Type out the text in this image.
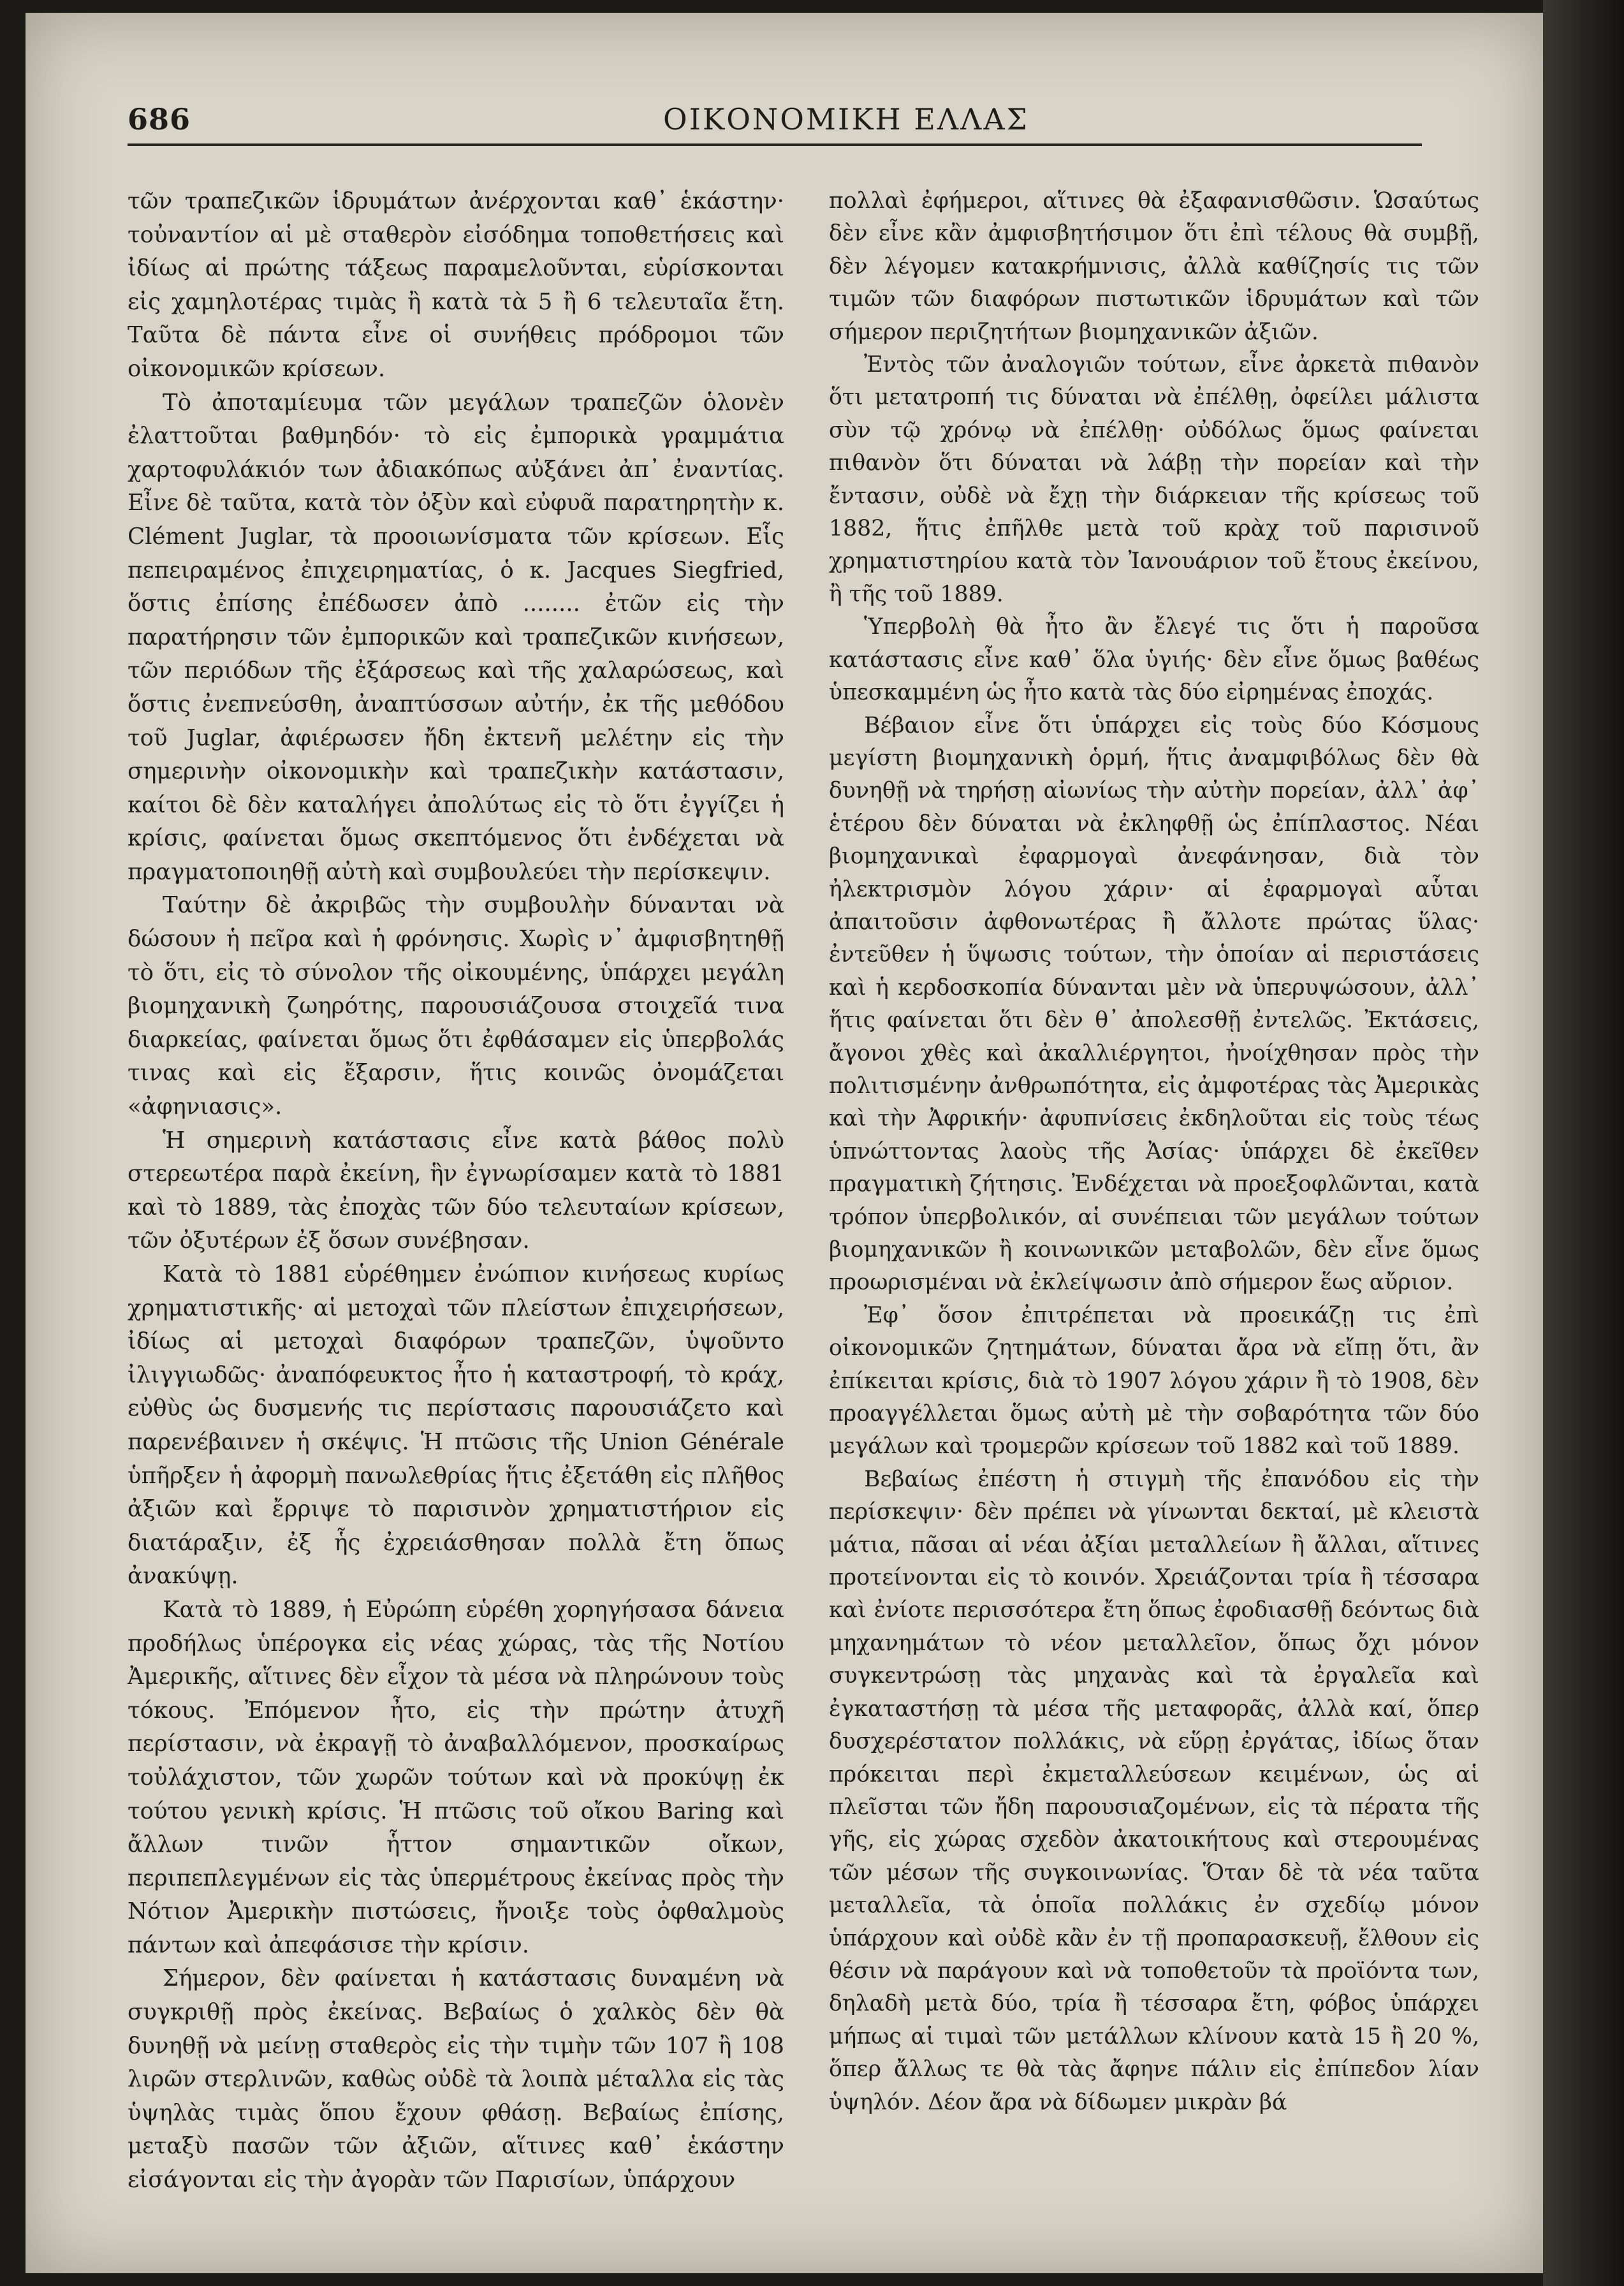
686	ΟΙΚΟΝΟΜΙΚΗ ΕΛΛΑΣ

τῶν τραπεζικῶν ἱδρυμάτων ἀνέρχονται καθ᾿ ἑκάστην· τοὐναντίον αἱ μὲ σταθερὸν εἰσόδημα τοποθετήσεις καὶ ἰδίως αἱ πρώτης τάξεως παραμελοῦνται, εὑρίσκονται εἰς χαμηλοτέρας τιμὰς ἢ κατὰ τὰ 5 ἢ 6 τελευταῖα ἔτη. Ταῦτα δὲ πάντα εἶνε οἱ συνήθεις πρόδρομοι τῶν οἰκονομικῶν κρίσεων.

Τὸ ἀποταμίευμα τῶν μεγάλων τραπεζῶν ὁλονὲν ἐλαττοῦται βαθμηδόν· τὸ εἰς ἐμπορικὰ γραμμάτια χαρτοφυλάκιόν των ἀδιακόπως αὐξάνει ἀπ᾿ ἐναντίας. Εἶνε δὲ ταῦτα, κατὰ τὸν ὀξὺν καὶ εὐφυᾶ παρατηρητὴν κ. Clément Juglar, τὰ προοιωνίσματα τῶν κρίσεων. Εἷς πεπειραμένος ἐπιχειρηματίας, ὁ κ. Jacques Siegfried, ὅστις ἐπίσης ἐπέδωσεν ἀπὸ ........ ἐτῶν εἰς τὴν παρατήρησιν τῶν ἐμπορικῶν καὶ τραπεζικῶν κινήσεων, τῶν περιόδων τῆς ἐξάρσεως καὶ τῆς χαλαρώσεως, καὶ ὅστις ἐνεπνεύσθη, ἀναπτύσσων αὐτήν, ἐκ τῆς μεθόδου τοῦ Juglar, ἀφιέρωσεν ἤδη ἐκτενῆ μελέτην εἰς τὴν σημερινὴν οἰκονομικὴν καὶ τραπεζικὴν κατάστασιν, καίτοι δὲ δὲν καταλήγει ἀπολύτως εἰς τὸ ὅτι ἐγγίζει ἡ κρίσις, φαίνεται ὅμως σκεπτόμενος ὅτι ἐνδέχεται νὰ πραγματοποιηθῇ αὐτὴ καὶ συμβουλεύει τὴν περίσκεψιν.

Ταύτην δὲ ἀκριβῶς τὴν συμβουλὴν δύνανται νὰ δώσουν ἡ πεῖρα καὶ ἡ φρόνησις. Χωρὶς ν᾿ ἀμφισβητηθῇ τὸ ὅτι, εἰς τὸ σύνολον τῆς οἰκουμένης, ὑπάρχει μεγάλη βιομηχανικὴ ζωηρότης, παρουσιάζουσα στοιχεῖά τινα διαρκείας, φαίνεται ὅμως ὅτι ἐφθάσαμεν εἰς ὑπερβολάς τινας καὶ εἰς ἔξαρσιν, ἥτις κοινῶς ὀνομάζεται «ἀφηνιασις».

Ἡ σημερινὴ κατάστασις εἶνε κατὰ βάθος πολὺ στερεωτέρα παρὰ ἐκείνη, ἣν ἐγνωρίσαμεν κατὰ τὸ 1881 καὶ τὸ 1889, τὰς ἐποχὰς τῶν δύο τελευταίων κρίσεων, τῶν ὀξυτέρων ἐξ ὅσων συνέβησαν.

Κατὰ τὸ 1881 εὑρέθημεν ἐνώπιον κινήσεως κυρίως χρηματιστικῆς· αἱ μετοχαὶ τῶν πλείστων ἐπιχειρήσεων, ἰδίως αἱ μετοχαὶ διαφόρων τραπεζῶν, ὑψοῦντο ἰλιγγιωδῶς· ἀναπόφευκτος ἦτο ἡ καταστροφή, τὸ κράχ, εὐθὺς ὡς δυσμενής τις περίστασις παρουσιάζετο καὶ παρενέβαινεν ἡ σκέψις. Ἡ πτῶσις τῆς Union Générale ὑπῆρξεν ἡ ἀφορμὴ πανωλεθρίας ἥτις ἐξετάθη εἰς πλῆθος ἀξιῶν καὶ ἔρριψε τὸ παρισινὸν χρηματιστήριον εἰς διατάραξιν, ἐξ ἧς ἐχρειάσθησαν πολλὰ ἔτη ὅπως ἀνακύψῃ.

Κατὰ τὸ 1889, ἡ Εὐρώπη εὑρέθη χορηγήσασα δάνεια προδήλως ὑπέρογκα εἰς νέας χώρας, τὰς τῆς Νοτίου Ἀμερικῆς, αἵτινες δὲν εἶχον τὰ μέσα νὰ πληρώνουν τοὺς τόκους. Ἐπόμενον ἦτο, εἰς τὴν πρώτην ἀτυχῆ περίστασιν, νὰ ἐκραγῇ τὸ ἀναβαλλόμενον, προσκαίρως τοὐλάχιστον, τῶν χωρῶν τούτων καὶ νὰ προκύψῃ ἐκ τούτου γενικὴ κρίσις. Ἡ πτῶσις τοῦ οἴκου Baring καὶ ἄλλων τινῶν ἧττον σημαντικῶν οἴκων, περιπεπλεγμένων εἰς τὰς ὑπερμέτρους ἐκείνας πρὸς τὴν Νότιον Ἀμερικὴν πιστώσεις, ἤνοιξε τοὺς ὀφθαλμοὺς πάντων καὶ ἀπεφάσισε τὴν κρίσιν.

Σήμερον, δὲν φαίνεται ἡ κατάστασις δυναμένη νὰ συγκριθῇ πρὸς ἐκείνας. Βεβαίως ὁ χαλκὸς δὲν θὰ δυνηθῇ νὰ μείνῃ σταθερὸς εἰς τὴν τιμὴν τῶν 107 ἢ 108 λιρῶν στερλινῶν, καθὼς οὐδὲ τὰ λοιπὰ μέταλλα εἰς τὰς ὑψηλὰς τιμὰς ὅπου ἔχουν φθάσῃ. Βεβαίως ἐπίσης, μεταξὺ πασῶν τῶν ἀξιῶν, αἵτινες καθ᾿ ἑκάστην εἰσάγονται εἰς τὴν ἀγορὰν τῶν Παρισίων, ὑπάρχουν

πολλαὶ ἐφήμεροι, αἵτινες θὰ ἐξαφανισθῶσιν. Ὡσαύτως δὲν εἶνε κἂν ἀμφισβητήσιμον ὅτι ἐπὶ τέλους θὰ συμβῇ, δὲν λέγομεν κατακρήμνισις, ἀλλὰ καθίζησίς τις τῶν τιμῶν τῶν διαφόρων πιστωτικῶν ἱδρυμάτων καὶ τῶν σήμερον περιζητήτων βιομηχανικῶν ἀξιῶν.

Ἐντὸς τῶν ἀναλογιῶν τούτων, εἶνε ἀρκετὰ πιθανὸν ὅτι μετατροπή τις δύναται νὰ ἐπέλθῃ, ὀφείλει μάλιστα σὺν τῷ χρόνῳ νὰ ἐπέλθῃ· οὐδόλως ὅμως φαίνεται πιθανὸν ὅτι δύναται νὰ λάβῃ τὴν πορείαν καὶ τὴν ἔντασιν, οὐδὲ νὰ ἔχῃ τὴν διάρκειαν τῆς κρίσεως τοῦ 1882, ἥτις ἐπῆλθε μετὰ τοῦ κρὰχ τοῦ παρισινοῦ χρηματιστηρίου κατὰ τὸν Ἰανουάριον τοῦ ἔτους ἐκείνου, ἢ τῆς τοῦ 1889.

Ὑπερβολὴ θὰ ἦτο ἂν ἔλεγέ τις ὅτι ἡ παροῦσα κατάστασις εἶνε καθ᾿ ὅλα ὑγιής· δὲν εἶνε ὅμως βαθέως ὑπεσκαμμένη ὡς ἦτο κατὰ τὰς δύο εἰρημένας ἐποχάς.

Βέβαιον εἶνε ὅτι ὑπάρχει εἰς τοὺς δύο Κόσμους μεγίστη βιομηχανικὴ ὁρμή, ἥτις ἀναμφιβόλως δὲν θὰ δυνηθῇ νὰ τηρήσῃ αἰωνίως τὴν αὐτὴν πορείαν, ἀλλ᾿ ἀφ᾿ ἑτέρου δὲν δύναται νὰ ἐκληφθῇ ὡς ἐπίπλαστος. Νέαι βιομηχανικαὶ ἐφαρμογαὶ ἀνεφάνησαν, διὰ τὸν ἠλεκτρισμὸν λόγου χάριν· αἱ ἐφαρμογαὶ αὗται ἀπαιτοῦσιν ἀφθονωτέρας ἢ ἄλλοτε πρώτας ὕλας· ἐντεῦθεν ἡ ὕψωσις τούτων, τὴν ὁποίαν αἱ περιστάσεις καὶ ἡ κερδοσκοπία δύνανται μὲν νὰ ὑπερυψώσουν, ἀλλ᾿ ἥτις φαίνεται ὅτι δὲν θ᾿ ἀπολεσθῇ ἐντελῶς. Ἐκτάσεις, ἄγονοι χθὲς καὶ ἀκαλλιέργητοι, ἠνοίχθησαν πρὸς τὴν πολιτισμένην ἀνθρωπότητα, εἰς ἀμφοτέρας τὰς Ἀμερικὰς καὶ τὴν Ἀφρικήν· ἀφυπνίσεις ἐκδηλοῦται εἰς τοὺς τέως ὑπνώττοντας λαοὺς τῆς Ἀσίας· ὑπάρχει δὲ ἐκεῖθεν πραγματικὴ ζήτησις. Ἐνδέχεται νὰ προεξοφλῶνται, κατὰ τρόπον ὑπερβολικόν, αἱ συνέπειαι τῶν μεγάλων τούτων βιομηχανικῶν ἢ κοινωνικῶν μεταβολῶν, δὲν εἶνε ὅμως προωρισμέναι νὰ ἐκλείψωσιν ἀπὸ σήμερον ἕως αὔριον.

Ἐφ᾿ ὅσον ἐπιτρέπεται νὰ προεικάζῃ τις ἐπὶ οἰκονομικῶν ζητημάτων, δύναται ἄρα νὰ εἴπῃ ὅτι, ἂν ἐπίκειται κρίσις, διὰ τὸ 1907 λόγου χάριν ἢ τὸ 1908, δὲν προαγγέλλεται ὅμως αὐτὴ μὲ τὴν σοβαρότητα τῶν δύο μεγάλων καὶ τρομερῶν κρίσεων τοῦ 1882 καὶ τοῦ 1889.

Βεβαίως ἐπέστη ἡ στιγμὴ τῆς ἐπανόδου εἰς τὴν περίσκεψιν· δὲν πρέπει νὰ γίνωνται δεκταί, μὲ κλειστὰ μάτια, πᾶσαι αἱ νέαι ἀξίαι μεταλλείων ἢ ἄλλαι, αἵτινες προτείνονται εἰς τὸ κοινόν. Χρειάζονται τρία ἢ τέσσαρα καὶ ἐνίοτε περισσότερα ἔτη ὅπως ἐφοδιασθῇ δεόντως διὰ μηχανημάτων τὸ νέον μεταλλεῖον, ὅπως ὄχι μόνον συγκεντρώσῃ τὰς μηχανὰς καὶ τὰ ἐργαλεῖα καὶ ἐγκαταστήσῃ τὰ μέσα τῆς μεταφορᾶς, ἀλλὰ καί, ὅπερ δυσχερέστατον πολλάκις, νὰ εὕρῃ ἐργάτας, ἰδίως ὅταν πρόκειται περὶ ἐκμεταλλεύσεων κειμένων, ὡς αἱ πλεῖσται τῶν ἤδη παρουσιαζομένων, εἰς τὰ πέρατα τῆς γῆς, εἰς χώρας σχεδὸν ἀκατοικήτους καὶ στερουμένας τῶν μέσων τῆς συγκοινωνίας. Ὅταν δὲ τὰ νέα ταῦτα μεταλλεῖα, τὰ ὁποῖα πολλάκις ἐν σχεδίῳ μόνον ὑπάρχουν καὶ οὐδὲ κἂν ἐν τῇ προπαρασκευῇ, ἔλθουν εἰς θέσιν νὰ παράγουν καὶ νὰ τοποθετοῦν τὰ προϊόντα των, δηλαδὴ μετὰ δύο, τρία ἢ τέσσαρα ἔτη, φόβος ὑπάρχει μήπως αἱ τιμαὶ τῶν μετάλλων κλίνουν κατὰ 15 ἢ 20 %, ὅπερ ἄλλως τε θὰ τὰς ἄφηνε πάλιν εἰς ἐπίπεδον λίαν ὑψηλόν. Δέον ἄρα νὰ δίδωμεν μικρὰν βά
